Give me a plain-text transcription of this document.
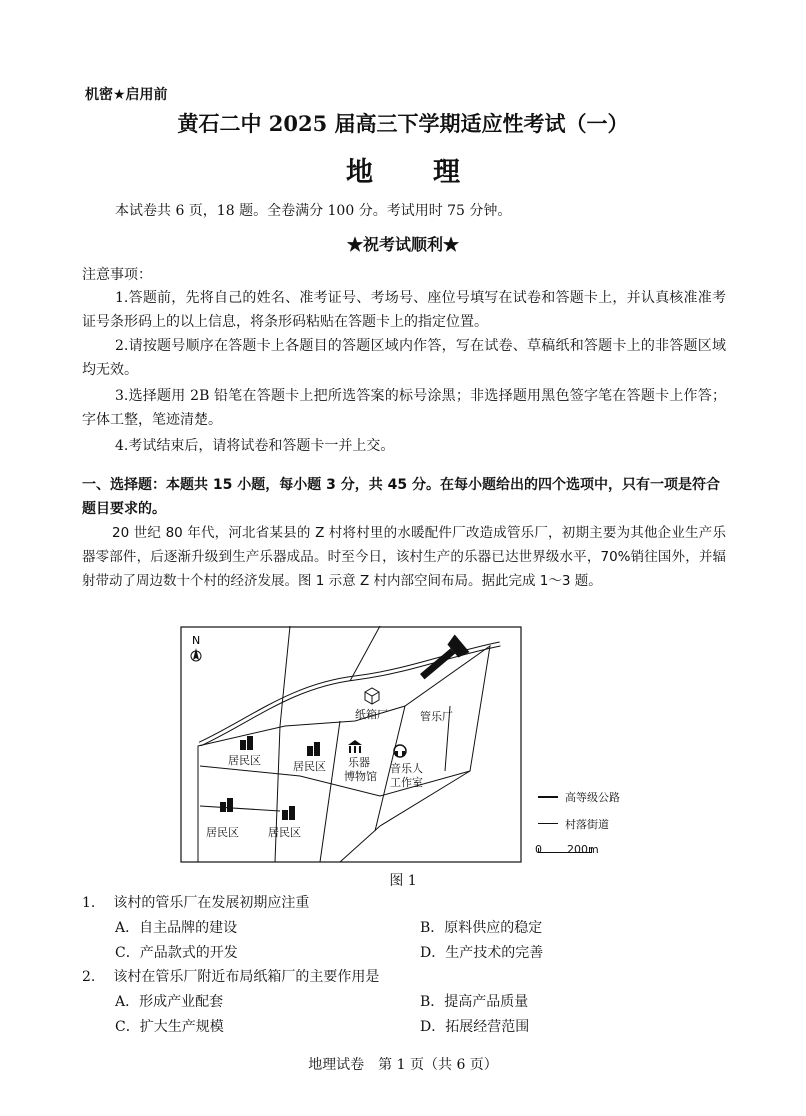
机密★启用前
黄石二中 2025 届高三下学期适应性考试（一）
地理
本试卷共 6 页，18 题。全卷满分 100 分。考试用时 75 分钟。
★祝考试顺利★
注意事项：
1.答题前，先将自己的姓名、准考证号、考场号、座位号填写在试卷和答题卡上，并认真核准准考证号条形码上的以上信息，将条形码粘贴在答题卡上的指定位置。
2.请按题号顺序在答题卡上各题目的答题区域内作答，写在试卷、草稿纸和答题卡上的非答题区域均无效。
3.选择题用 2B 铅笔在答题卡上把所选答案的标号涂黑；非选择题用黑色签字笔在答题卡上作答；字体工整，笔迹清楚。
4.考试结束后，请将试卷和答题卡一并上交。
一、选择题：本题共 15 小题，每小题 3 分，共 45 分。在每小题给出的四个选项中，只有一项是符合题目要求的。
20 世纪 80 年代，河北省某县的 Z 村将村里的水暖配件厂改造成管乐厂，初期主要为其他企业生产乐器零部件，后逐渐升级到生产乐器成品。时至今日，该村生产的乐器已达世界级水平，70%销往国外，并辐射带动了周边数十个村的经济发展。图 1 示意 Z 村内部空间布局。据此完成 1～3 题。
N
纸箱厂	管乐厂
居民区	居民区 乐器
博物馆
音乐人
工作室
居民区	居民区
高等级公路
村落街道
0 200m
图 1
1. 该村的管乐厂在发展初期应注重
A．自主品牌的建设	B．原料供应的稳定
C．产品款式的开发	D．生产技术的完善
2. 该村在管乐厂附近布局纸箱厂的主要作用是
A．形成产业配套	B．提高产品质量
C．扩大生产规模	D．拓展经营范围
地理试卷　第 1 页（共 6 页）
